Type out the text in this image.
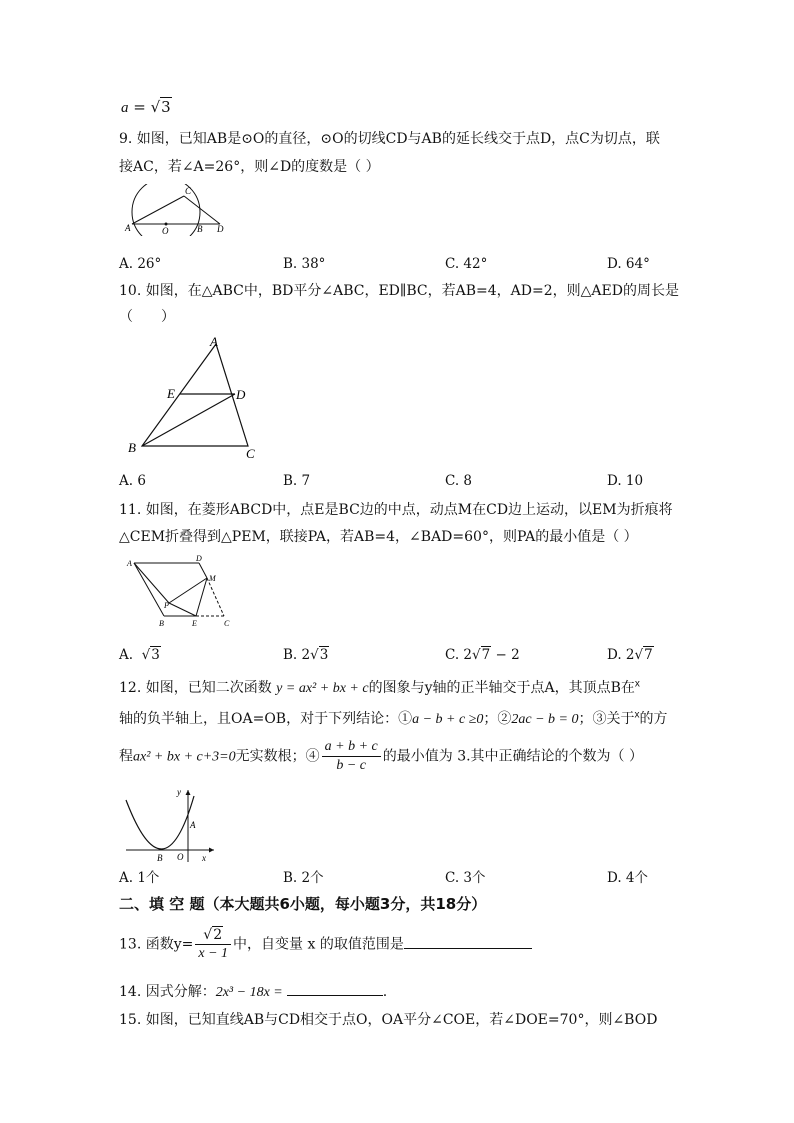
a = √3
9. 如图，已知AB是⊙O的直径，⊙O的切线CD与AB的延长线交于点D，点C为切点，联
接AC，若∠A=26°，则∠D的度数是（ ）
A	O	B D
C
A. 26°	B. 38°	C. 42°	D. 64°
10. 如图，在△ABC中，BD平分∠ABC，ED∥BC，若AB=4，AD=2，则△AED的周长是
（　　）
A
E	D
B	C
A. 6	B. 7	C. 8	D. 10
11. 如图，在菱形ABCD中，点E是BC边的中点，动点M在CD边上运动，以EM为折痕将
△CEM折叠得到△PEM，联接PA，若AB=4，∠BAD=60°，则PA的最小值是（ ）
A
D
M
P
B	E	C
A. √3	B. 2√3	C. 2√7 − 2	D. 2√7
12. 如图，已知二次函数 y = ax² + bx + c的图象与y轴的正半轴交于点A，其顶点B在$^x$
轴的负半轴上，且OA=OB，对于下列结论：①a − b + c ≥0；②2ac − b = 0；③关于$^x$的方
程ax² + bx + c+3=0无实数根；④ $\frac{a + b + c}{b - c}$ 的最小值为 3.其中正确结论的个数为（ ）
y
A
B O x
A. 1个	B. 2个	C. 3个	D. 4个
二、填 空 题（本大题共6小题，每小题3分，共18分）
13. 函数$y= \frac{√2}{x - 1}$ 中，自变量 x 的取值范围是
14. 因式分解：2x³ − 18x =	.
15. 如图，已知直线AB与CD相交于点O，OA平分∠COE，若∠DOE=70°，则∠BOD
